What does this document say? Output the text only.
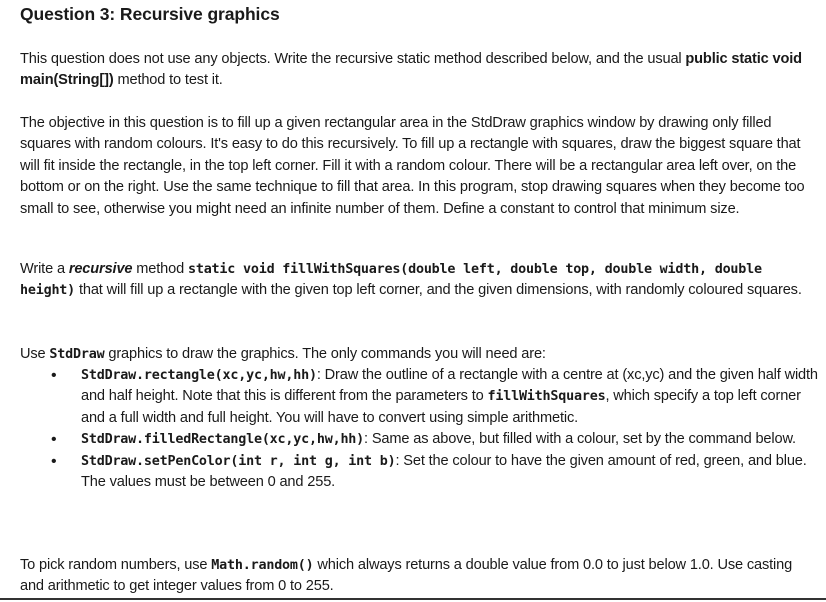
Question 3: Recursive graphics

This question does not use any objects. Write the recursive static method described below, and the usual public static void main(String[]) method to test it.

The objective in this question is to fill up a given rectangular area in the StdDraw graphics window by drawing only filled squares with random colours. It's easy to do this recursively. To fill up a rectangle with squares, draw the biggest square that will fit inside the rectangle, in the top left corner. Fill it with a random colour. There will be a rectangular area left over, on the bottom or on the right. Use the same technique to fill that area. In this program, stop drawing squares when they become too small to see, otherwise you might need an infinite number of them. Define a constant to control that minimum size.

Write a recursive method static void fillWithSquares(double left, double top, double width, double height) that will fill up a rectangle with the given top left corner, and the given dimensions, with randomly coloured squares.

Use StdDraw graphics to draw the graphics. The only commands you will need are:

• StdDraw.rectangle(xc,yc,hw,hh): Draw the outline of a rectangle with a centre at (xc,yc) and the given half width and half height. Note that this is different from the parameters to fillWithSquares, which specify a top left corner and a full width and full height. You will have to convert using simple arithmetic.
• StdDraw.filledRectangle(xc,yc,hw,hh): Same as above, but filled with a colour, set by the command below.
• StdDraw.setPenColor(int r, int g, int b): Set the colour to have the given amount of red, green, and blue. The values must be between 0 and 255.

To pick random numbers, use Math.random() which always returns a double value from 0.0 to just below 1.0. Use casting and arithmetic to get integer values from 0 to 255.
